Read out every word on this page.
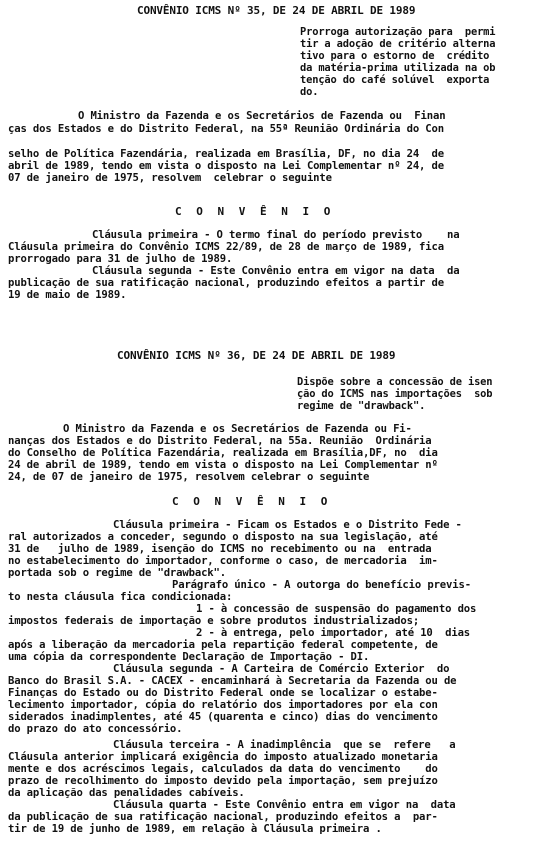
CONVÊNIO ICMS Nº 35, DE 24 DE ABRIL DE 1989
Prorroga autorização para  permi
tir a adoção de critério alterna
tivo para o estorno de  crédito
da matéria-prima utilizada na ob
tenção do café solúvel  exporta
do.
O Ministro da Fazenda e os Secretários de Fazenda ou  Finan
ças dos Estados e do Distrito Federal, na 55ª Reunião Ordinária do Con
selho de Política Fazendária, realizada em Brasília, DF, no dia 24  de
abril de 1989, tendo em vista o disposto na Lei Complementar nº 24, de
07 de janeiro de 1975, resolvem  celebrar o seguinte
C O N V Ê N I O
Cláusula primeira - O termo final do período previsto    na
Cláusula primeira do Convênio ICMS 22/89, de 28 de março de 1989, fica
prorrogado para 31 de julho de 1989.
Cláusula segunda - Este Convênio entra em vigor na data  da
publicação de sua ratificação nacional, produzindo efeitos a partir de
19 de maio de 1989.
CONVÊNIO ICMS Nº 36, DE 24 DE ABRIL DE 1989
Dispõe sobre a concessão de isen
ção do ICMS nas importações  sob
regime de "drawback".
O Ministro da Fazenda e os Secretários de Fazenda ou Fi-
nanças dos Estados e do Distrito Federal, na 55a. Reunião  Ordinária
do Conselho de Política Fazendária, realizada em Brasília,DF, no  dia
24 de abril de 1989, tendo em vista o disposto na Lei Complementar nº
24, de 07 de janeiro de 1975, resolvem celebrar o seguinte
C O N V Ê N I O
Cláusula primeira - Ficam os Estados e o Distrito Fede -
ral autorizados a conceder, segundo o disposto na sua legislação, até
31 de   julho de 1989, isenção do ICMS no recebimento ou na  entrada
no estabelecimento do importador, conforme o caso, de mercadoria  im-
portada sob o regime de "drawback".
Parágrafo único - A outorga do benefício previs-
to nesta cláusula fica condicionada:
1 - à concessão de suspensão do pagamento dos
impostos federais de importação e sobre produtos industrializados;
2 - à entrega, pelo importador, até 10  dias
após a liberação da mercadoria pela repartição federal competente, de
uma cópia da correspondente Declaração de Importação - DI.
Cláusula segunda - A Carteira de Comércio Exterior  do
Banco do Brasil S.A. - CACEX - encaminhará à Secretaria da Fazenda ou de
Finanças do Estado ou do Distrito Federal onde se localizar o estabe-
lecimento importador, cópia do relatório dos importadores por ela con
siderados inadimplentes, até 45 (quarenta e cinco) dias do vencimento
do prazo do ato concessório.
Cláusula terceira - A inadimplência  que se  refere   a
Cláusula anterior implicará exigência do imposto atualizado monetaria
mente e dos acréscimos legais, calculados da data do vencimento    do
prazo de recolhimento do imposto devido pela importação, sem prejuízo
da aplicação das penalidades cabíveis.
Cláusula quarta - Este Convênio entra em vigor na  data
da publicação de sua ratificação nacional, produzindo efeitos a  par-
tir de 19 de junho de 1989, em relação à Cláusula primeira .
